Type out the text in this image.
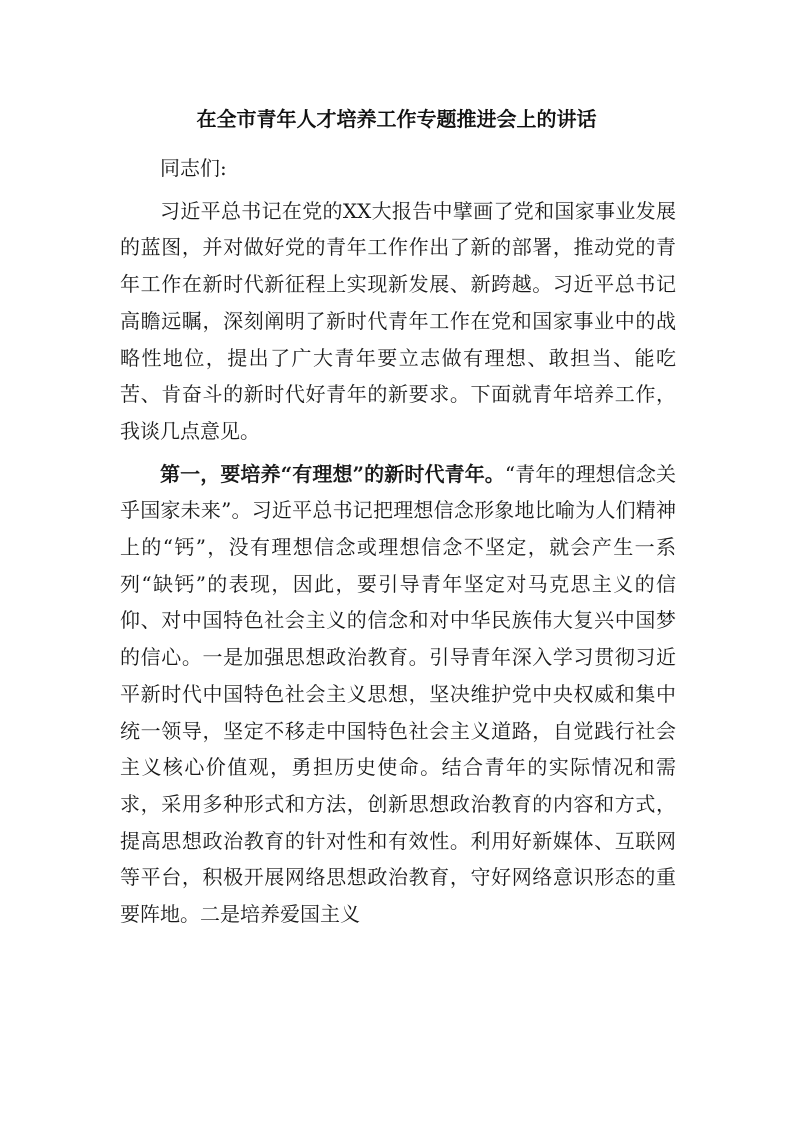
在全市青年人才培养工作专题推进会上的讲话

同志们:

习近平总书记在党的XX大报告中擘画了党和国家事业发展的蓝图，并对做好党的青年工作作出了新的部署，推动党的青年工作在新时代新征程上实现新发展、新跨越。习近平总书记高瞻远瞩，深刻阐明了新时代青年工作在党和国家事业中的战略性地位，提出了广大青年要立志做有理想、敢担当、能吃苦、肯奋斗的新时代好青年的新要求。下面就青年培养工作，我谈几点意见。

第一，要培养“有理想”的新时代青年。“青年的理想信念关乎国家未来”。习近平总书记把理想信念形象地比喻为人们精神上的“钙”，没有理想信念或理想信念不坚定，就会产生一系列“缺钙”的表现，因此，要引导青年坚定对马克思主义的信仰、对中国特色社会主义的信念和对中华民族伟大复兴中国梦的信心。一是加强思想政治教育。引导青年深入学习贯彻习近平新时代中国特色社会主义思想，坚决维护党中央权威和集中统一领导，坚定不移走中国特色社会主义道路，自觉践行社会主义核心价值观，勇担历史使命。结合青年的实际情况和需求，采用多种形式和方法，创新思想政治教育的内容和方式，提高思想政治教育的针对性和有效性。利用好新媒体、互联网等平台，积极开展网络思想政治教育，守好网络意识形态的重要阵地。二是培养爱国主义
